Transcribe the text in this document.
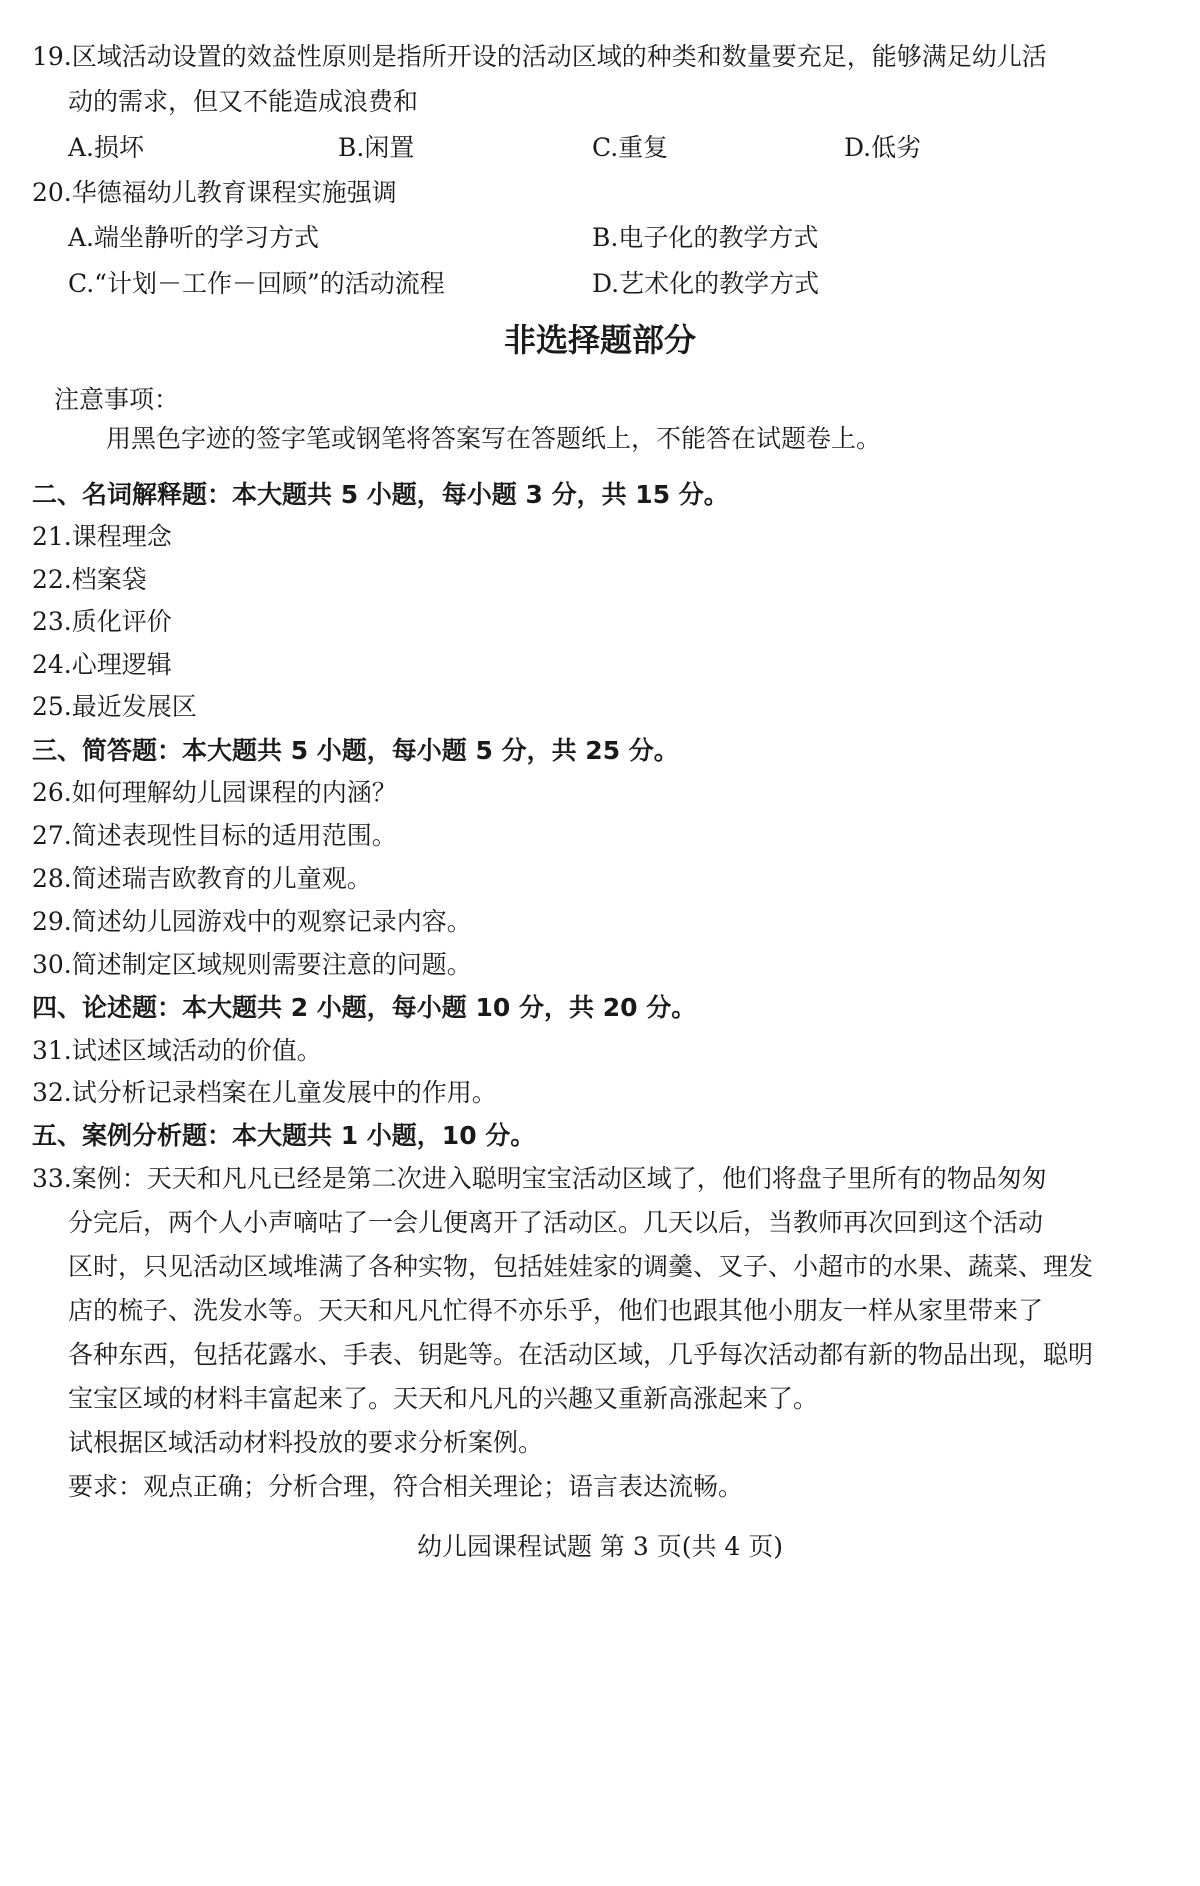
19.区域活动设置的效益性原则是指所开设的活动区域的种类和数量要充足，能够满足幼儿活
动的需求，但又不能造成浪费和
A.损坏	B.闲置	C.重复	D.低劣
20.华德福幼儿教育课程实施强调
A.端坐静听的学习方式	B.电子化的教学方式
C.“计划－工作－回顾”的活动流程	D.艺术化的教学方式
非选择题部分
注意事项：
用黑色字迹的签字笔或钢笔将答案写在答题纸上，不能答在试题卷上。
二、名词解释题：本大题共 5 小题，每小题 3 分，共 15 分。
21.课程理念
22.档案袋
23.质化评价
24.心理逻辑
25.最近发展区
三、简答题：本大题共 5 小题，每小题 5 分，共 25 分。
26.如何理解幼儿园课程的内涵？
27.简述表现性目标的适用范围。
28.简述瑞吉欧教育的儿童观。
29.简述幼儿园游戏中的观察记录内容。
30.简述制定区域规则需要注意的问题。
四、论述题：本大题共 2 小题，每小题 10 分，共 20 分。
31.试述区域活动的价值。
32.试分析记录档案在儿童发展中的作用。
五、案例分析题：本大题共 1 小题，10 分。
33.案例：天天和凡凡已经是第二次进入聪明宝宝活动区域了，他们将盘子里所有的物品匆匆
分完后，两个人小声嘀咕了一会儿便离开了活动区。几天以后，当教师再次回到这个活动
区时，只见活动区域堆满了各种实物，包括娃娃家的调羹、叉子、小超市的水果、蔬菜、理发
店的梳子、洗发水等。天天和凡凡忙得不亦乐乎，他们也跟其他小朋友一样从家里带来了
各种东西，包括花露水、手表、钥匙等。在活动区域，几乎每次活动都有新的物品出现，聪明
宝宝区域的材料丰富起来了。天天和凡凡的兴趣又重新高涨起来了。
试根据区域活动材料投放的要求分析案例。
要求：观点正确；分析合理，符合相关理论；语言表达流畅。
幼儿园课程试题 第 3 页(共 4 页)
